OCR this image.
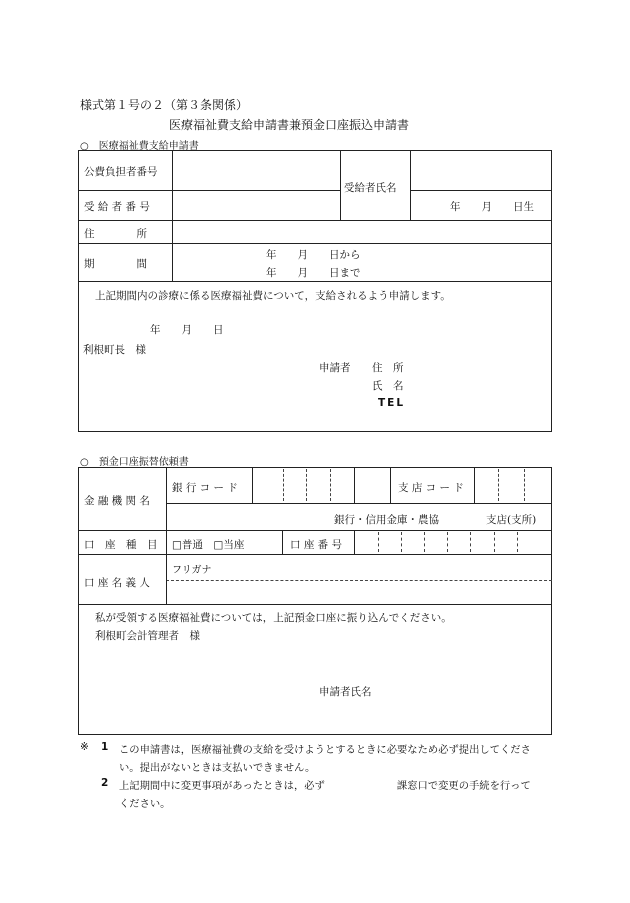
様式第１号の２（第３条関係）
医療福祉費支給申請書兼預金口座振込申請書
○　医療福祉費支給申請書
公費負担者番号
受給者氏名
受 給 者 番 号	年　　月　　日生
住　　　　所
期　　　　間
年　　月　　日から
年　　月　　日まで
上記期間内の診療に係る医療福祉費について，支給されるよう申請します。
年　　月　　日
利根町長　様
申請者 住　所
氏　名
TEL
○　預金口座振替依頼書
金 融 機 関 名
銀 行 コ ー ド	支 店 コ ー ド
銀行・信用金庫・農協	支店(支所)
口　座　種　目 □普通　□当座	口 座 番 号
口 座 名 義 人
フリガナ
私が受領する医療福祉費については，上記預金口座に振り込んでください。
利根町会計管理者　様
申請者氏名
※ 1 この申請書は，医療福祉費の支給を受けようとするときに必要なため必ず提出してくださ
い。提出がないときは支払いできません。
2 上記期間中に変更事項があったときは，必ず　　　　　　　課窓口で変更の手続を行って
ください。
